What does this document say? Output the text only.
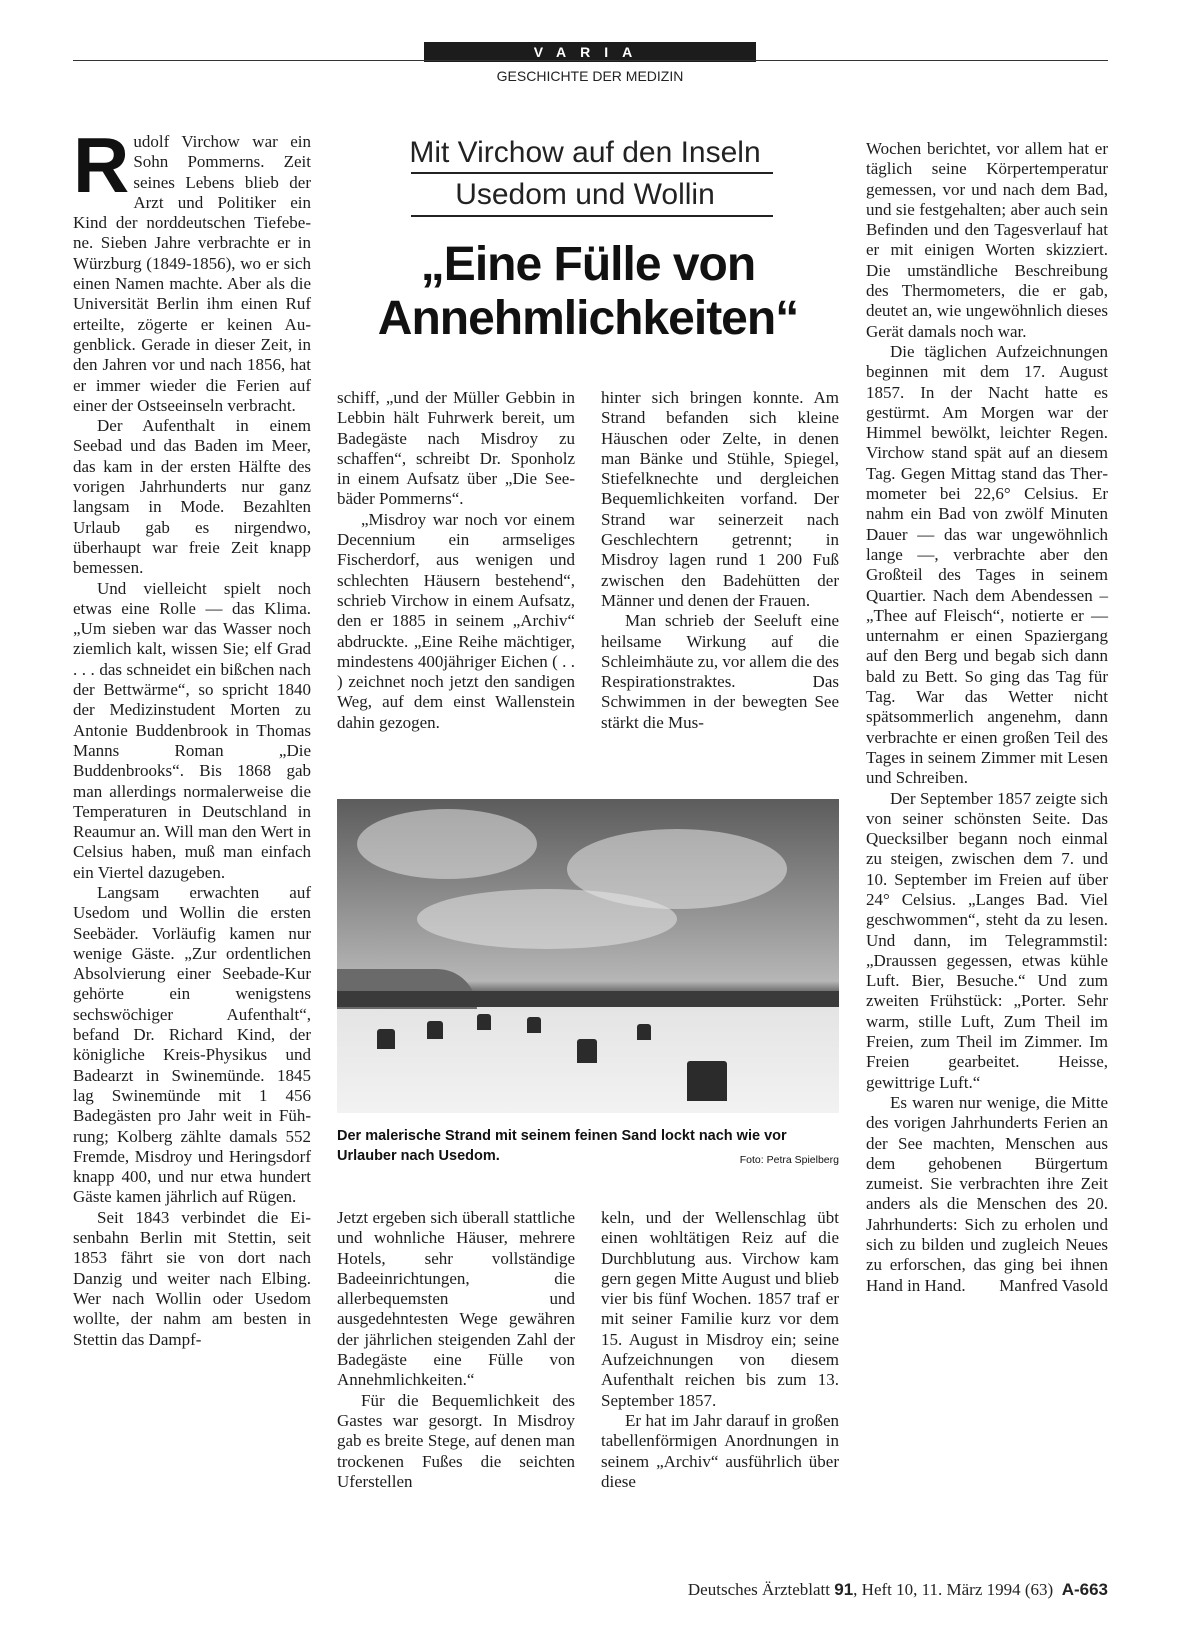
VARIA
GESCHICHTE DER MEDIZIN

Rudolf Virchow war ein Sohn Pommerns. Zeit seines Lebens blieb der Arzt und Politiker ein Kind der norddeutschen Tiefebene. Sieben Jahre verbrachte er in Würzburg (1849-1856), wo er sich einen Namen machte. Aber als die Universität Berlin ihm einen Ruf erteilte, zögerte er keinen Augenblick. Gerade in dieser Zeit, in den Jahren vor und nach 1856, hat er immer wieder die Ferien auf einer der Ostseeinseln verbracht.

Der Aufenthalt in einem Seebad und das Baden im Meer, das kam in der ersten Hälfte des vorigen Jahrhunderts nur ganz langsam in Mode. Bezahlten Urlaub gab es nirgendwo, überhaupt war freie Zeit knapp bemessen.

Und vielleicht spielt noch etwas eine Rolle — das Klima. „Um sieben war das Wasser noch ziemlich kalt, wissen Sie; elf Grad . . . das schneidet ein bißchen nach der Bettwärme“, so spricht 1840 der Medizinstudent Morten zu Antonie Buddenbrook in Thomas Manns Roman „Die Buddenbrooks“. Bis 1868 gab man allerdings normalerweise die Temperaturen in Deutschland in Reaumur an. Will man den Wert in Celsius haben, muß man einfach ein Viertel dazugeben.

Langsam erwachten auf Usedom und Wollin die ersten Seebäder. Vorläufig kamen nur wenige Gäste. „Zur ordentlichen Absolvierung einer Seebade-Kur gehörte ein wenigstens sechswöchiger Aufenthalt“, befand Dr. Richard Kind, der königliche Kreis-Physikus und Badearzt in Swinemünde. 1845 lag Swinemünde mit 1 456 Badegästen pro Jahr weit in Führung; Kolberg zählte damals 552 Fremde, Misdroy und Heringsdorf knapp 400, und nur etwa hundert Gäste kamen jährlich auf Rügen.

Seit 1843 verbindet die Eisenbahn Berlin mit Stettin, seit 1853 fährt sie von dort nach Danzig und weiter nach Elbing. Wer nach Wollin oder Usedom wollte, der nahm am besten in Stettin das Dampf-

Mit Virchow auf den Inseln
Usedom und Wollin
„Eine Fülle von
Annehmlichkeiten“

schiff, „und der Müller Gebbin in Lebbin hält Fuhrwerk bereit, um Badegäste nach Misdroy zu schaffen“, schreibt Dr. Sponholz in einem Aufsatz über „Die Seebäder Pommerns“.

„Misdroy war noch vor einem Decennium ein armseliges Fischerdorf, aus wenigen und schlechten Häusern bestehend“, schrieb Virchow in einem Aufsatz, den er 1885 in seinem „Archiv“ abdruckte. „Eine Reihe mächtiger, mindestens 400jähriger Eichen ( . . ) zeichnet noch jetzt den sandigen Weg, auf dem einst Wallenstein dahin gezogen.

hinter sich bringen konnte. Am Strand befanden sich kleine Häuschen oder Zelte, in denen man Bänke und Stühle, Spiegel, Stiefelknechte und dergleichen Bequemlichkeiten vorfand. Der Strand war seinerzeit nach Geschlechtern getrennt; in Misdroy lagen rund 1 200 Fuß zwischen den Badehütten der Männer und denen der Frauen.

Man schrieb der Seeluft eine heilsame Wirkung auf die Schleimhäute zu, vor allem die des Respirationstraktes. Das Schwimmen in der bewegten See stärkt die Mus-

Der malerische Strand mit seinem feinen Sand lockt nach wie vor Urlauber nach Usedom.	Foto: Petra Spielberg

Jetzt ergeben sich überall stattliche und wohnliche Häuser, mehrere Hotels, sehr vollständige Badeeinrichtungen, die allerbequemsten und ausgedehntesten Wege gewähren der jährlichen steigenden Zahl der Badegäste eine Fülle von Annehmlichkeiten.“

Für die Bequemlichkeit des Gastes war gesorgt. In Misdroy gab es breite Stege, auf denen man trockenen Fußes die seichten Uferstellen

keln, und der Wellenschlag übt einen wohltätigen Reiz auf die Durchblutung aus. Virchow kam gern gegen Mitte August und blieb vier bis fünf Wochen. 1857 traf er mit seiner Familie kurz vor dem 15. August in Misdroy ein; seine Aufzeichnungen von diesem Aufenthalt reichen bis zum 13. September 1857.

Er hat im Jahr darauf in großen tabellenförmigen Anordnungen in seinem „Archiv“ ausführlich über diese

Wochen berichtet, vor allem hat er täglich seine Körpertemperatur gemessen, vor und nach dem Bad, und sie festgehalten; aber auch sein Befinden und den Tagesverlauf hat er mit einigen Worten skizziert. Die umständliche Beschreibung des Thermometers, die er gab, deutet an, wie ungewöhnlich dieses Gerät damals noch war.

Die täglichen Aufzeichnungen beginnen mit dem 17. August 1857. In der Nacht hatte es gestürmt. Am Morgen war der Himmel bewölkt, leichter Regen. Virchow stand spät auf an diesem Tag. Gegen Mittag stand das Thermometer bei 22,6° Celsius. Er nahm ein Bad von zwölf Minuten Dauer — das war ungewöhnlich lange —, verbrachte aber den Großteil des Tages in seinem Quartier. Nach dem Abendessen – „Thee auf Fleisch“, notierte er — unternahm er einen Spaziergang auf den Berg und begab sich dann bald zu Bett. So ging das Tag für Tag. War das Wetter nicht spätsommerlich angenehm, dann verbrachte er einen großen Teil des Tages in seinem Zimmer mit Lesen und Schreiben.

Der September 1857 zeigte sich von seiner schönsten Seite. Das Quecksilber begann noch einmal zu steigen, zwischen dem 7. und 10. September im Freien auf über 24° Celsius. „Langes Bad. Viel geschwommen“, steht da zu lesen. Und dann, im Telegrammstil: „Draussen gegessen, etwas kühle Luft. Bier, Besuche.“ Und zum zweiten Frühstück: „Porter. Sehr warm, stille Luft, Zum Theil im Freien, zum Theil im Zimmer. Im Freien gearbeitet. Heisse, gewittrige Luft.“

Es waren nur wenige, die Mitte des vorigen Jahrhunderts Ferien an der See machten, Menschen aus dem gehobenen Bürgertum zumeist. Sie verbrachten ihre Zeit anders als die Menschen des 20. Jahrhunderts: Sich zu erholen und sich zu bilden und zugleich Neues zu erforschen, das ging bei ihnen Hand in Hand.	Manfred Vasold

Deutsches Ärzteblatt 91, Heft 10, 11. März 1994 (63) A-663
